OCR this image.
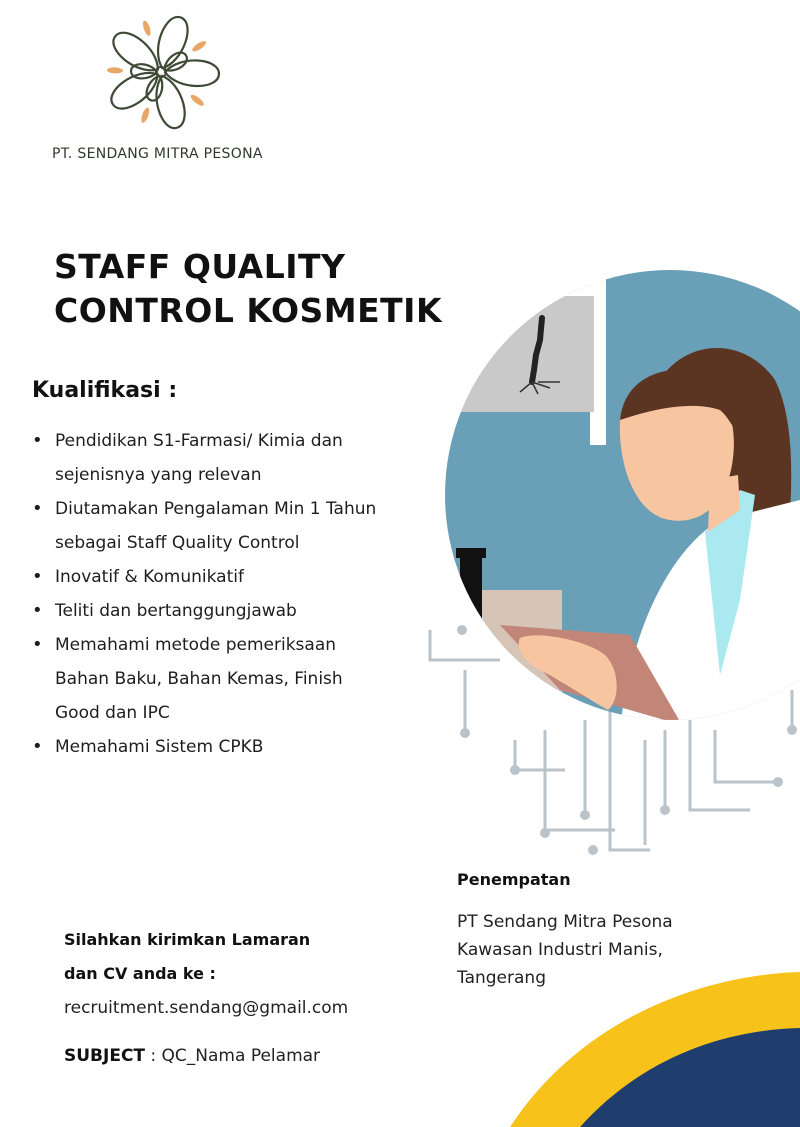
PT. SENDANG MITRA PESONA
STAFF QUALITY
CONTROL KOSMETIK
Kualifikasi :
• Pendidikan S1-Farmasi/ Kimia dan
sejenisnya yang relevan
• Diutamakan Pengalaman Min 1 Tahun
sebagai Staff Quality Control
• Inovatif & Komunikatif
• Teliti dan bertanggungjawab
• Memahami metode pemeriksaan
Bahan Baku, Bahan Kemas, Finish
Good dan IPC
• Memahami Sistem CPKB
Penempatan
PT Sendang Mitra Pesona
Kawasan Industri Manis,
Tangerang
Silahkan kirimkan Lamaran
dan CV anda ke :
recruitment.sendang@gmail.com
SUBJECT : QC_Nama Pelamar
